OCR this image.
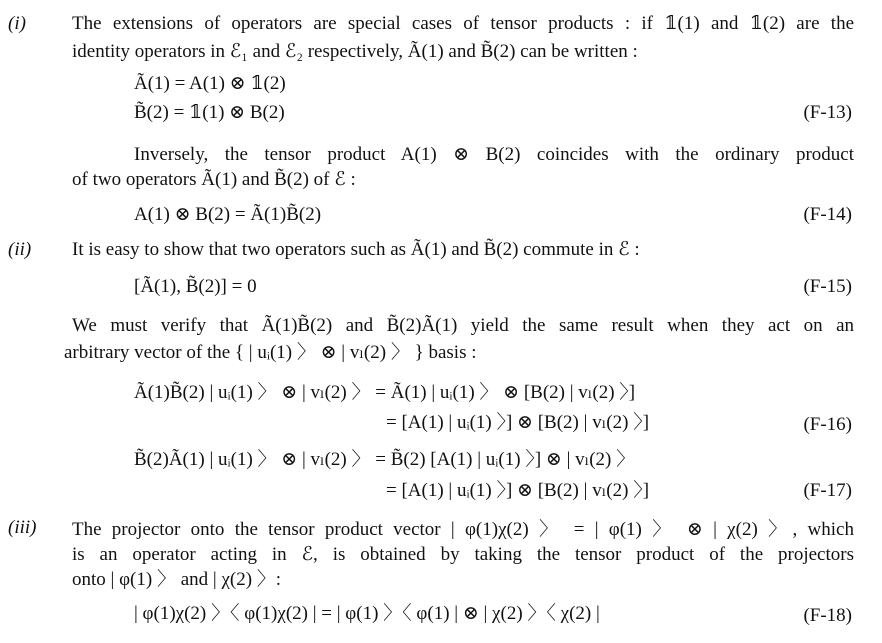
(i) The extensions of operators are special cases of tensor products : if 𝟙(1) and 𝟙(2) are the
identity operators in ℰ₁ and ℰ₂ respectively, Ã(1) and B̃(2) can be written :
Ã(1) = A(1) ⊗ 𝟙(2)
B̃(2) = 𝟙(1) ⊗ B(2)	(F-13)
Inversely, the tensor product A(1) ⊗ B(2) coincides with the ordinary product
of two operators Ã(1) and B̃(2) of ℰ :
A(1) ⊗ B(2) = Ã(1)B̃(2)	(F-14)
(ii) It is easy to show that two operators such as Ã(1) and B̃(2) commute in ℰ :
[Ã(1), B̃(2)] = 0	(F-15)
We must verify that Ã(1)B̃(2) and B̃(2)Ã(1) yield the same result when they act on an
arbitrary vector of the { | uᵢ(1) 〉 ⊗ | vₗ(2) 〉 } basis :
Ã(1)B̃(2) | uᵢ(1) 〉 ⊗ | vₗ(2) 〉 = Ã(1) | uᵢ(1) 〉 ⊗ [B(2) | vₗ(2) 〉]
= [A(1) | uᵢ(1) 〉] ⊗ [B(2) | vₗ(2) 〉]	(F-16)
B̃(2)Ã(1) | uᵢ(1) 〉 ⊗ | vₗ(2) 〉 = B̃(2) [A(1) | uᵢ(1) 〉] ⊗ | vₗ(2) 〉
= [A(1) | uᵢ(1) 〉] ⊗ [B(2) | vₗ(2) 〉]	(F-17)
(iii) The projector onto the tensor product vector | φ(1)χ(2) 〉 = | φ(1) 〉 ⊗ | χ(2) 〉, which
is an operator acting in ℰ, is obtained by taking the tensor product of the projectors
onto | φ(1) 〉 and | χ(2) 〉:
| φ(1)χ(2) 〉〈 φ(1)χ(2) | = | φ(1) 〉〈 φ(1) | ⊗ | χ(2) 〉〈 χ(2) |	(F-18)
